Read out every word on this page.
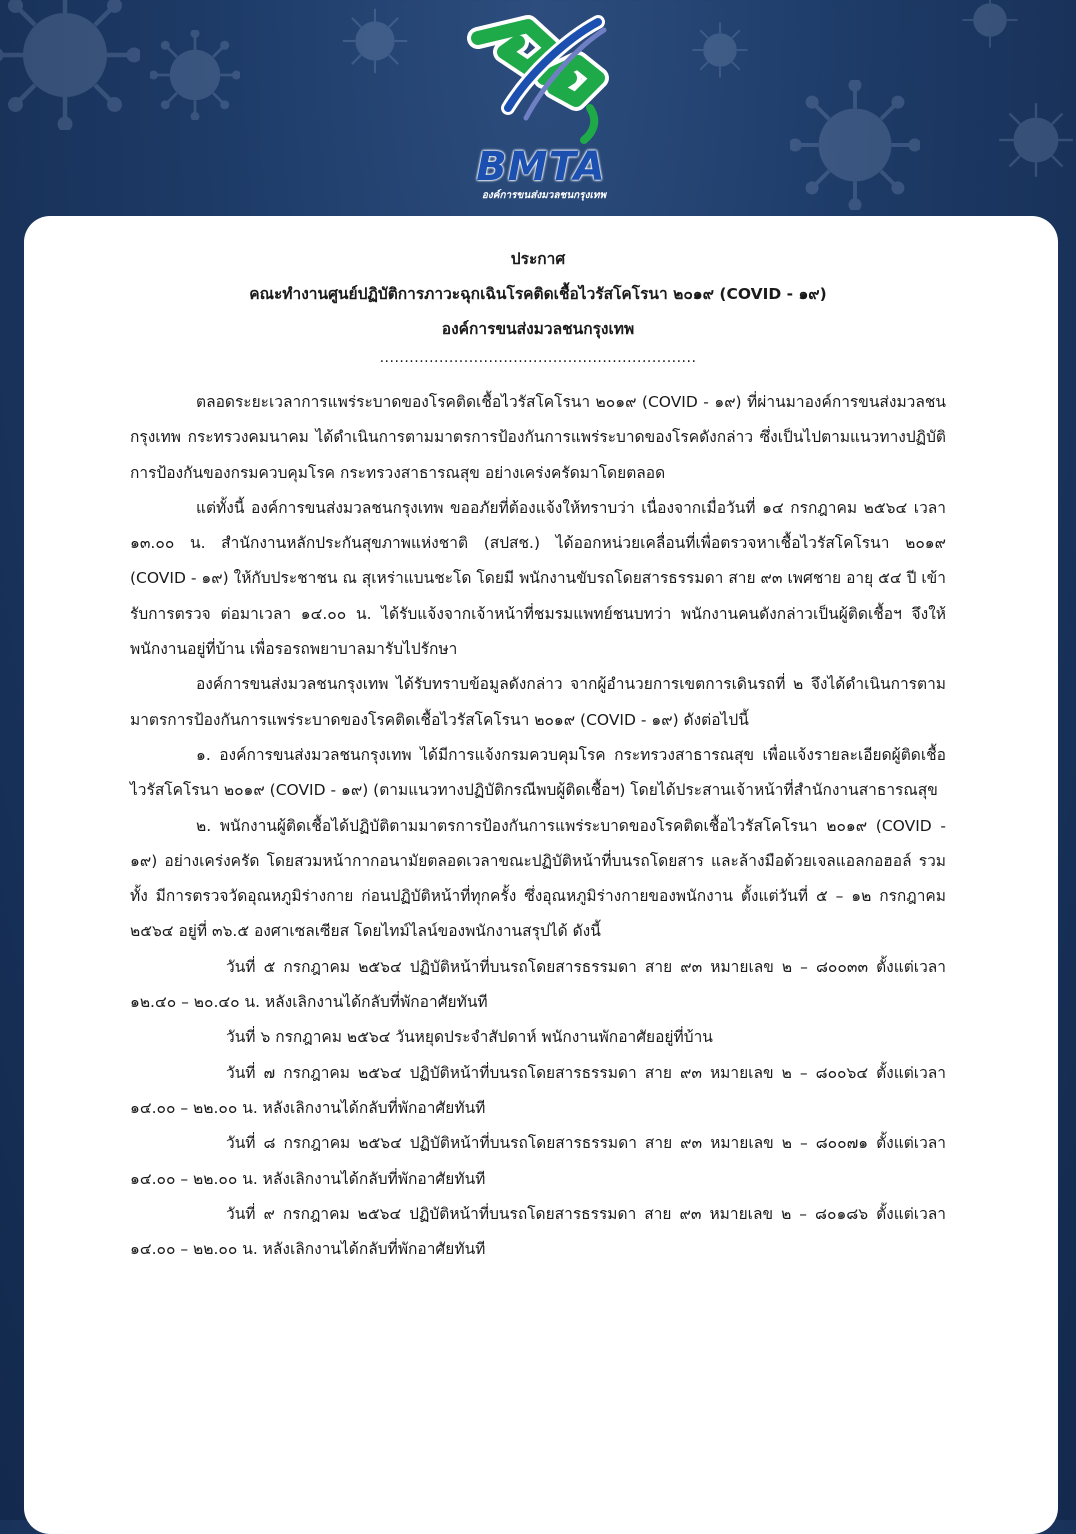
BMTA
องค์การขนส่งมวลชนกรุงเทพ
ประกาศ
คณะทำงานศูนย์ปฏิบัติการภาวะฉุกเฉินโรคติดเชื้อไวรัสโคโรนา ๒๐๑๙ (COVID - ๑๙)
องค์การขนส่งมวลชนกรุงเทพ
................................................................

ตลอดระยะเวลาการแพร่ระบาดของโรคติดเชื้อไวรัสโคโรนา ๒๐๑๙ (COVID - ๑๙) ที่ผ่านมาองค์การขนส่งมวลชนกรุงเทพ กระทรวงคมนาคม ได้ดำเนินการตามมาตรการป้องกันการแพร่ระบาดของโรคดังกล่าว ซึ่งเป็นไปตามแนวทางปฏิบัติการป้องกันของกรมควบคุมโรค กระทรวงสาธารณสุข อย่างเคร่งครัดมาโดยตลอด

แต่ทั้งนี้ องค์การขนส่งมวลชนกรุงเทพ ขออภัยที่ต้องแจ้งให้ทราบว่า เนื่องจากเมื่อวันที่ ๑๔ กรกฎาคม ๒๕๖๔ เวลา ๑๓.๐๐ น. สำนักงานหลักประกันสุขภาพแห่งชาติ (สปสช.) ได้ออกหน่วยเคลื่อนที่เพื่อตรวจหาเชื้อไวรัสโคโรนา ๒๐๑๙ (COVID - ๑๙) ให้กับประชาชน ณ สุเหร่าแบนชะโด โดยมี พนักงานขับรถโดยสารธรรมดา สาย ๙๓ เพศชาย อายุ ๕๔ ปี เข้ารับการตรวจ ต่อมาเวลา ๑๔.๐๐ น. ได้รับแจ้งจากเจ้าหน้าที่ชมรมแพทย์ชนบทว่า พนักงานคนดังกล่าวเป็นผู้ติดเชื้อฯ จึงให้พนักงานอยู่ที่บ้าน เพื่อรอรถพยาบาลมารับไปรักษา

องค์การขนส่งมวลชนกรุงเทพ ได้รับทราบข้อมูลดังกล่าว จากผู้อำนวยการเขตการเดินรถที่ ๒ จึงได้ดำเนินการตามมาตรการป้องกันการแพร่ระบาดของโรคติดเชื้อไวรัสโคโรนา ๒๐๑๙ (COVID - ๑๙) ดังต่อไปนี้

๑. องค์การขนส่งมวลชนกรุงเทพ ได้มีการแจ้งกรมควบคุมโรค กระทรวงสาธารณสุข เพื่อแจ้งรายละเอียดผู้ติดเชื้อไวรัสโคโรนา ๒๐๑๙ (COVID - ๑๙) (ตามแนวทางปฏิบัติกรณีพบผู้ติดเชื้อฯ) โดยได้ประสานเจ้าหน้าที่สำนักงานสาธารณสุข

๒. พนักงานผู้ติดเชื้อได้ปฏิบัติตามมาตรการป้องกันการแพร่ระบาดของโรคติดเชื้อไวรัสโคโรนา ๒๐๑๙ (COVID - ๑๙) อย่างเคร่งครัด โดยสวมหน้ากากอนามัยตลอดเวลาขณะปฏิบัติหน้าที่บนรถโดยสาร และล้างมือด้วยเจลแอลกอฮอล์ รวมทั้ง มีการตรวจวัดอุณหภูมิร่างกาย ก่อนปฏิบัติหน้าที่ทุกครั้ง ซึ่งอุณหภูมิร่างกายของพนักงาน ตั้งแต่วันที่ ๕ – ๑๒ กรกฎาคม ๒๕๖๔ อยู่ที่ ๓๖.๕ องศาเซลเซียส โดยไทม์ไลน์ของพนักงานสรุปได้ ดังนี้

วันที่ ๕ กรกฎาคม ๒๕๖๔ ปฏิบัติหน้าที่บนรถโดยสารธรรมดา สาย ๙๓ หมายเลข ๒ – ๘๐๐๓๓ ตั้งแต่เวลา ๑๒.๔๐ – ๒๐.๔๐ น. หลังเลิกงานได้กลับที่พักอาศัยทันที

วันที่ ๖ กรกฎาคม ๒๕๖๔ วันหยุดประจำสัปดาห์ พนักงานพักอาศัยอยู่ที่บ้าน

วันที่ ๗ กรกฎาคม ๒๕๖๔ ปฏิบัติหน้าที่บนรถโดยสารธรรมดา สาย ๙๓ หมายเลข ๒ – ๘๐๐๖๔ ตั้งแต่เวลา ๑๔.๐๐ – ๒๒.๐๐ น. หลังเลิกงานได้กลับที่พักอาศัยทันที

วันที่ ๘ กรกฎาคม ๒๕๖๔ ปฏิบัติหน้าที่บนรถโดยสารธรรมดา สาย ๙๓ หมายเลข ๒ – ๘๐๐๗๑ ตั้งแต่เวลา ๑๔.๐๐ – ๒๒.๐๐ น. หลังเลิกงานได้กลับที่พักอาศัยทันที

วันที่ ๙ กรกฎาคม ๒๕๖๔ ปฏิบัติหน้าที่บนรถโดยสารธรรมดา สาย ๙๓ หมายเลข ๒ – ๘๐๑๘๖ ตั้งแต่เวลา ๑๔.๐๐ – ๒๒.๐๐ น. หลังเลิกงานได้กลับที่พักอาศัยทันที
